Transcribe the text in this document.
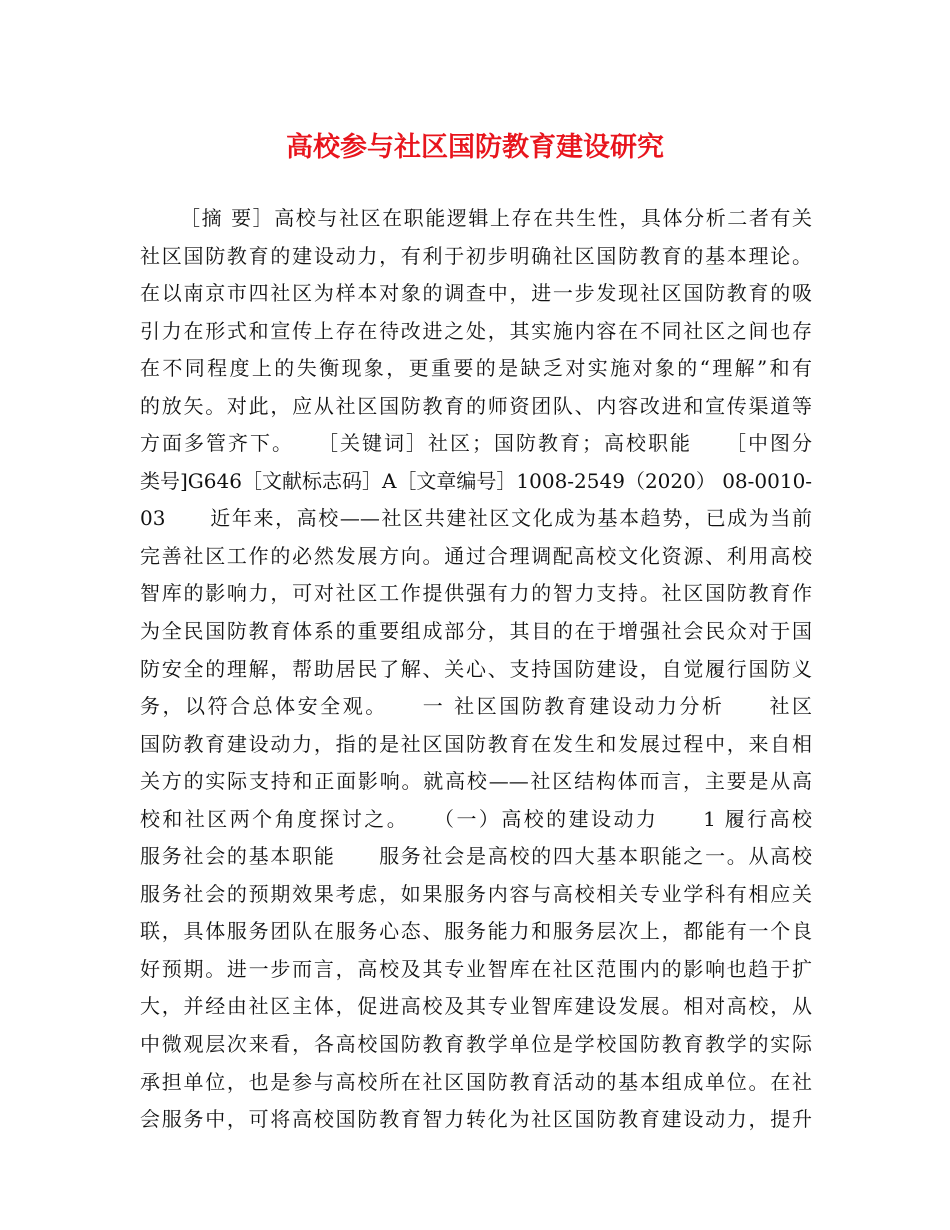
高校参与社区国防教育建设研究
［摘 要］高校与社区在职能逻辑上存在共生性，具体分析二者有关
社区国防教育的建设动力，有利于初步明确社区国防教育的基本理论。
在以南京市四社区为样本对象的调查中，进一步发现社区国防教育的吸
引力在形式和宣传上存在待改进之处，其实施内容在不同社区之间也存
在不同程度上的失衡现象，更重要的是缺乏对实施对象的“理解”和有
的放矢。对此，应从社区国防教育的师资团队、内容改进和宣传渠道等
方面多管齐下。　　［关键词］社区；国防教育；高校职能　　［中图分
类号]G646［文献标志码］A［文章编号］1008-2549（2020） 08-0010-
03　　近年来，高校——社区共建社区文化成为基本趋势，已成为当前
完善社区工作的必然发展方向。通过合理调配高校文化资源、利用高校
智库的影响力，可对社区工作提供强有力的智力支持。社区国防教育作
为全民国防教育体系的重要组成部分，其目的在于增强社会民众对于国
防安全的理解，帮助居民了解、关心、支持国防建设，自觉履行国防义
务，以符合总体安全观。　　一 社区国防教育建设动力分析　　社区
国防教育建设动力，指的是社区国防教育在发生和发展过程中，来自相
关方的实际支持和正面影响。就高校——社区结构体而言，主要是从高
校和社区两个角度探讨之。　　（一）高校的建设动力　　1 履行高校
服务社会的基本职能　　服务社会是高校的四大基本职能之一。从高校
服务社会的预期效果考虑，如果服务内容与高校相关专业学科有相应关
联，具体服务团队在服务心态、服务能力和服务层次上，都能有一个良
好预期。进一步而言，高校及其专业智库在社区范围内的影响也趋于扩
大，并经由社区主体，促进高校及其专业智库建设发展。相对高校，从
中微观层次来看，各高校国防教育教学单位是学校国防教育教学的实际
承担单位，也是参与高校所在社区国防教育活动的基本组成单位。在社
会服务中，可将高校国防教育智力转化为社区国防教育建设动力，提升
